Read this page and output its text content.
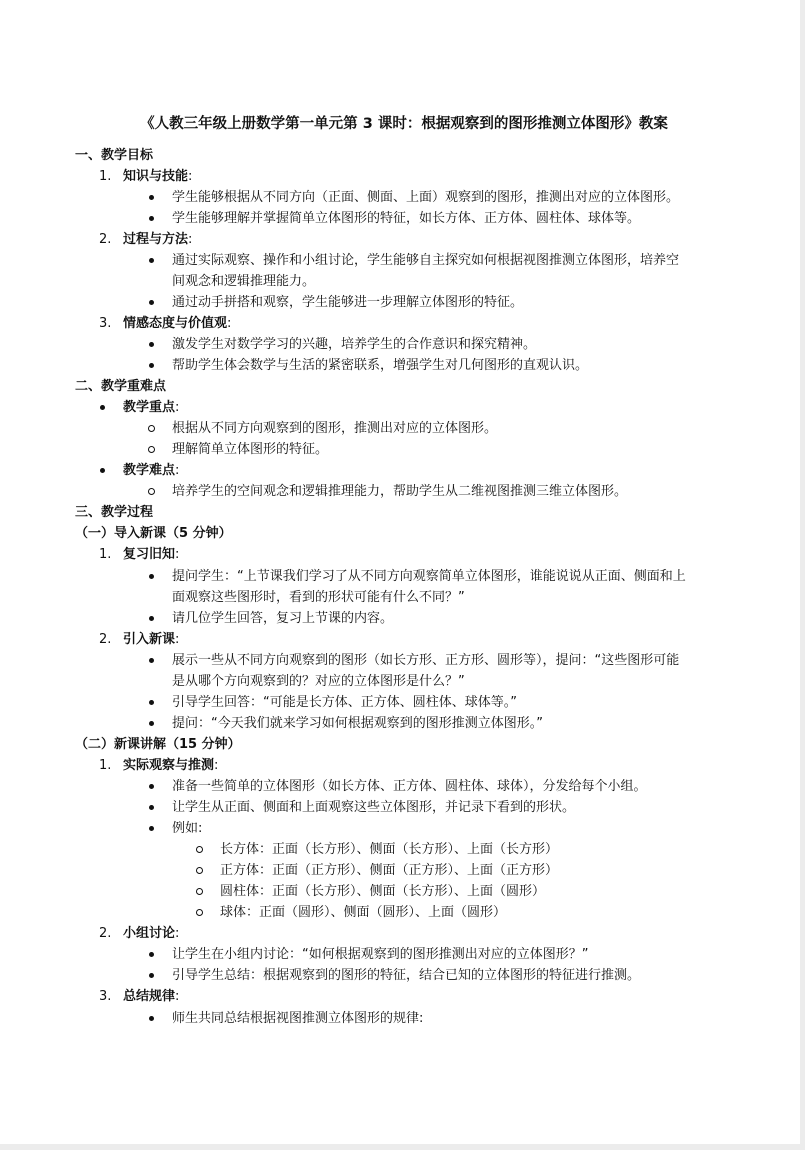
《人教三年级上册数学第一单元第 3 课时：根据观察到的图形推测立体图形》教案
一、教学目标
1. 知识与技能:
学生能够根据从不同方向（正面、侧面、上面）观察到的图形，推测出对应的立体图形。
学生能够理解并掌握简单立体图形的特征，如长方体、正方体、圆柱体、球体等。
2. 过程与方法:
通过实际观察、操作和小组讨论，学生能够自主探究如何根据视图推测立体图形，培养空
间观念和逻辑推理能力。
通过动手拼搭和观察，学生能够进一步理解立体图形的特征。
3. 情感态度与价值观:
激发学生对数学学习的兴趣，培养学生的合作意识和探究精神。
帮助学生体会数学与生活的紧密联系，增强学生对几何图形的直观认识。
二、教学重难点
教学重点:
根据从不同方向观察到的图形，推测出对应的立体图形。
理解简单立体图形的特征。
教学难点:
培养学生的空间观念和逻辑推理能力，帮助学生从二维视图推测三维立体图形。
三、教学过程
（一）导入新课（5 分钟）
1. 复习旧知:
提问学生：“上节课我们学习了从不同方向观察简单立体图形，谁能说说从正面、侧面和上
面观察这些图形时，看到的形状可能有什么不同？”
请几位学生回答，复习上节课的内容。
2. 引入新课:
展示一些从不同方向观察到的图形（如长方形、正方形、圆形等），提问：“这些图形可能
是从哪个方向观察到的？对应的立体图形是什么？”
引导学生回答：“可能是长方体、正方体、圆柱体、球体等。”
提问：“今天我们就来学习如何根据观察到的图形推测立体图形。”
（二）新课讲解（15 分钟）
1. 实际观察与推测:
准备一些简单的立体图形（如长方体、正方体、圆柱体、球体），分发给每个小组。
让学生从正面、侧面和上面观察这些立体图形，并记录下看到的形状。
例如:
长方体：正面（长方形）、侧面（长方形）、上面（长方形）
正方体：正面（正方形）、侧面（正方形）、上面（正方形）
圆柱体：正面（长方形）、侧面（长方形）、上面（圆形）
球体：正面（圆形）、侧面（圆形）、上面（圆形）
2. 小组讨论:
让学生在小组内讨论：“如何根据观察到的图形推测出对应的立体图形？”
引导学生总结：根据观察到的图形的特征，结合已知的立体图形的特征进行推测。
3. 总结规律:
师生共同总结根据视图推测立体图形的规律:
